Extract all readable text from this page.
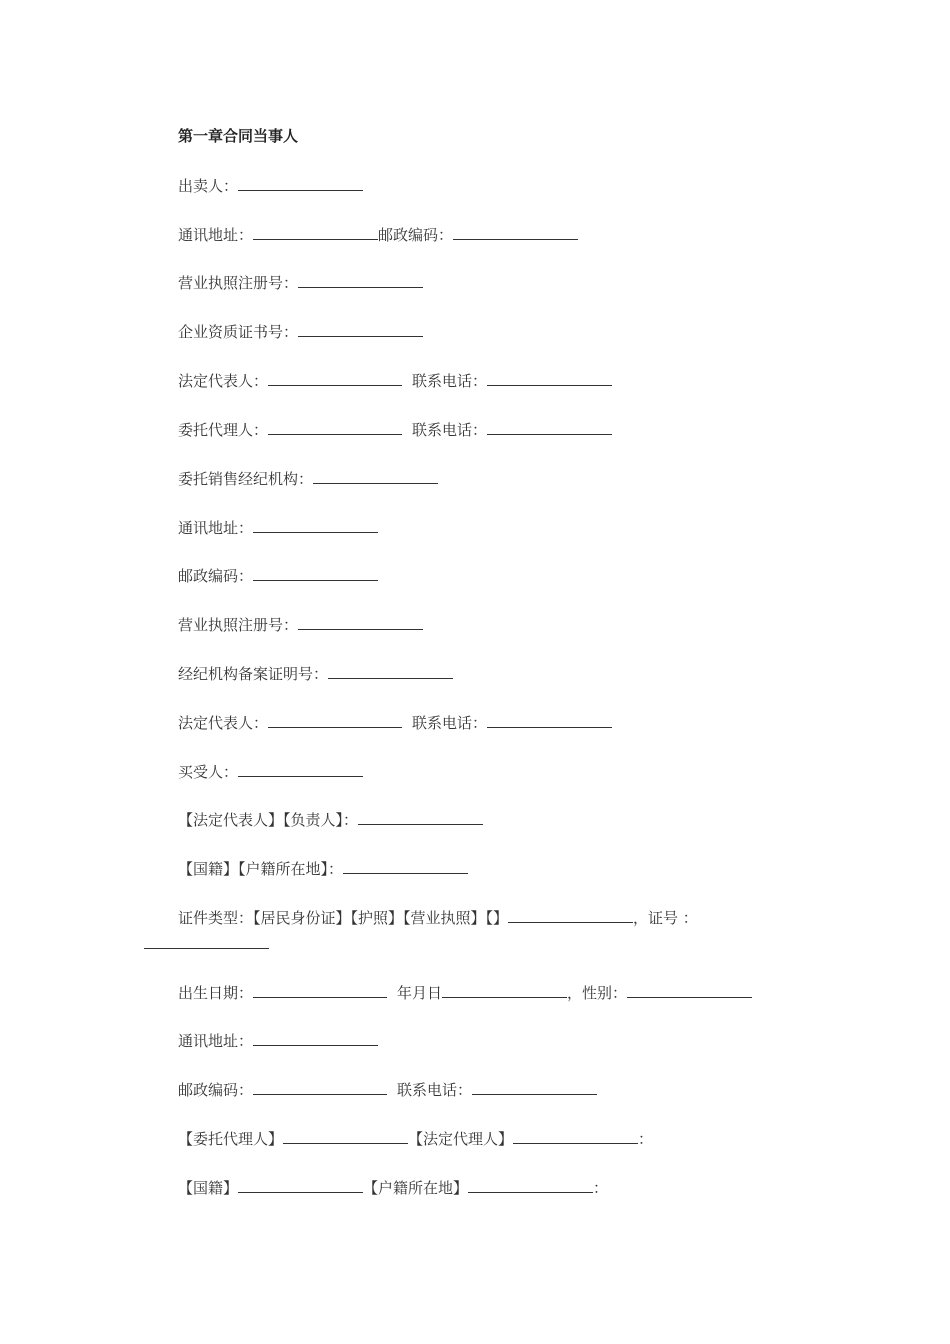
第一章合同当事人
出卖人：
通讯地址：	邮政编码：
营业执照注册号：
企业资质证书号：
法定代表人：	联系电话：
委托代理人：	联系电话：
委托销售经纪机构：
通讯地址：
邮政编码：
营业执照注册号：
经纪机构备案证明号：
法定代表人：	联系电话：
买受人：
【法定代表人】【负责人】：
【国籍】【户籍所在地】：
证件类型：【居民身份证】【护照】【营业执照】【】	，证号 ：
出生日期：	年月日	，性别：
通讯地址：
邮政编码：	联系电话：
【委托代理人】	【法定代理人】	：
【国籍】	【户籍所在地】	：
